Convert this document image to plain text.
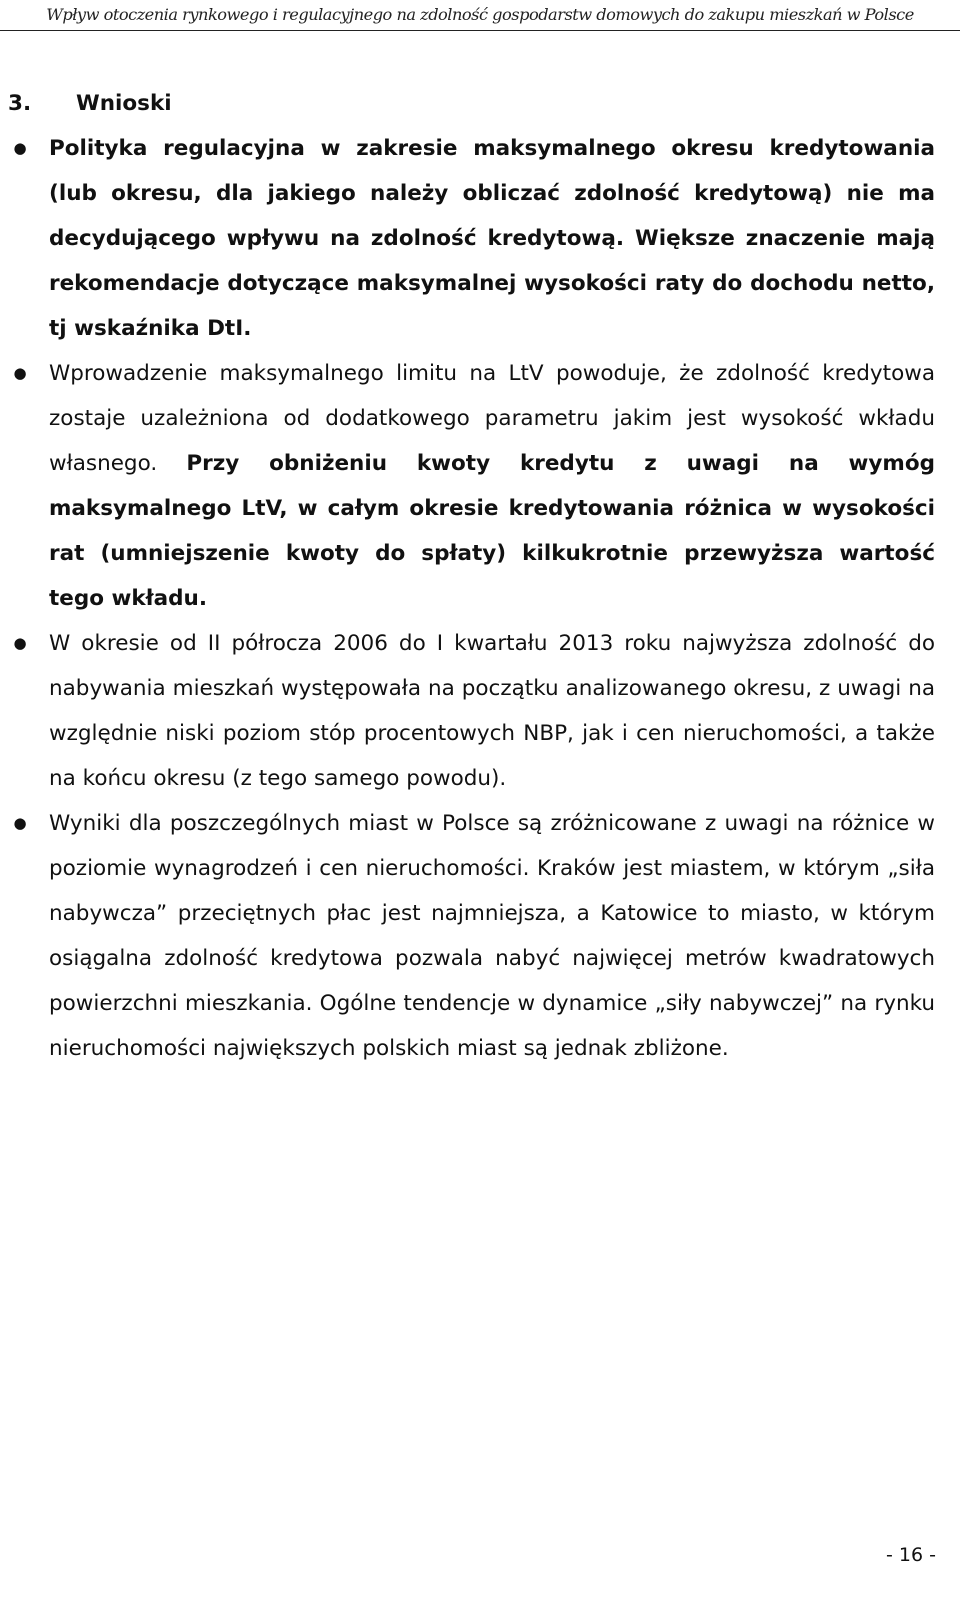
Wpływ otoczenia rynkowego i regulacyjnego na zdolność gospodarstw domowych do zakupu mieszkań w Polsce
3. Wnioski
● Polityka regulacyjna w zakresie maksymalnego okresu kredytowania (lub okresu, dla jakiego należy obliczać zdolność kredytową) nie ma decydującego wpływu na zdolność kredytową. Większe znaczenie mają rekomendacje dotyczące maksymalnej wysokości raty do dochodu netto, tj wskaźnika DtI.
● Wprowadzenie maksymalnego limitu na LtV powoduje, że zdolność kredytowa zostaje uzależniona od dodatkowego parametru jakim jest wysokość wkładu własnego. Przy obniżeniu kwoty kredytu z uwagi na wymóg maksymalnego LtV, w całym okresie kredytowania różnica w wysokości rat (umniejszenie kwoty do spłaty) kilkukrotnie przewyższa wartość tego wkładu.
● W okresie od II półrocza 2006 do I kwartału 2013 roku najwyższa zdolność do nabywania mieszkań występowała na początku analizowanego okresu, z uwagi na względnie niski poziom stóp procentowych NBP, jak i cen nieruchomości, a także na końcu okresu (z tego samego powodu).
● Wyniki dla poszczególnych miast w Polsce są zróżnicowane z uwagi na różnice w poziomie wynagrodzeń i cen nieruchomości. Kraków jest miastem, w którym „siła nabywcza” przeciętnych płac jest najmniejsza, a Katowice to miasto, w którym osiągalna zdolność kredytowa pozwala nabyć najwięcej metrów kwadratowych powierzchni mieszkania. Ogólne tendencje w dynamice „siły nabywczej” na rynku nieruchomości największych polskich miast są jednak zbliżone.
- 16 -
